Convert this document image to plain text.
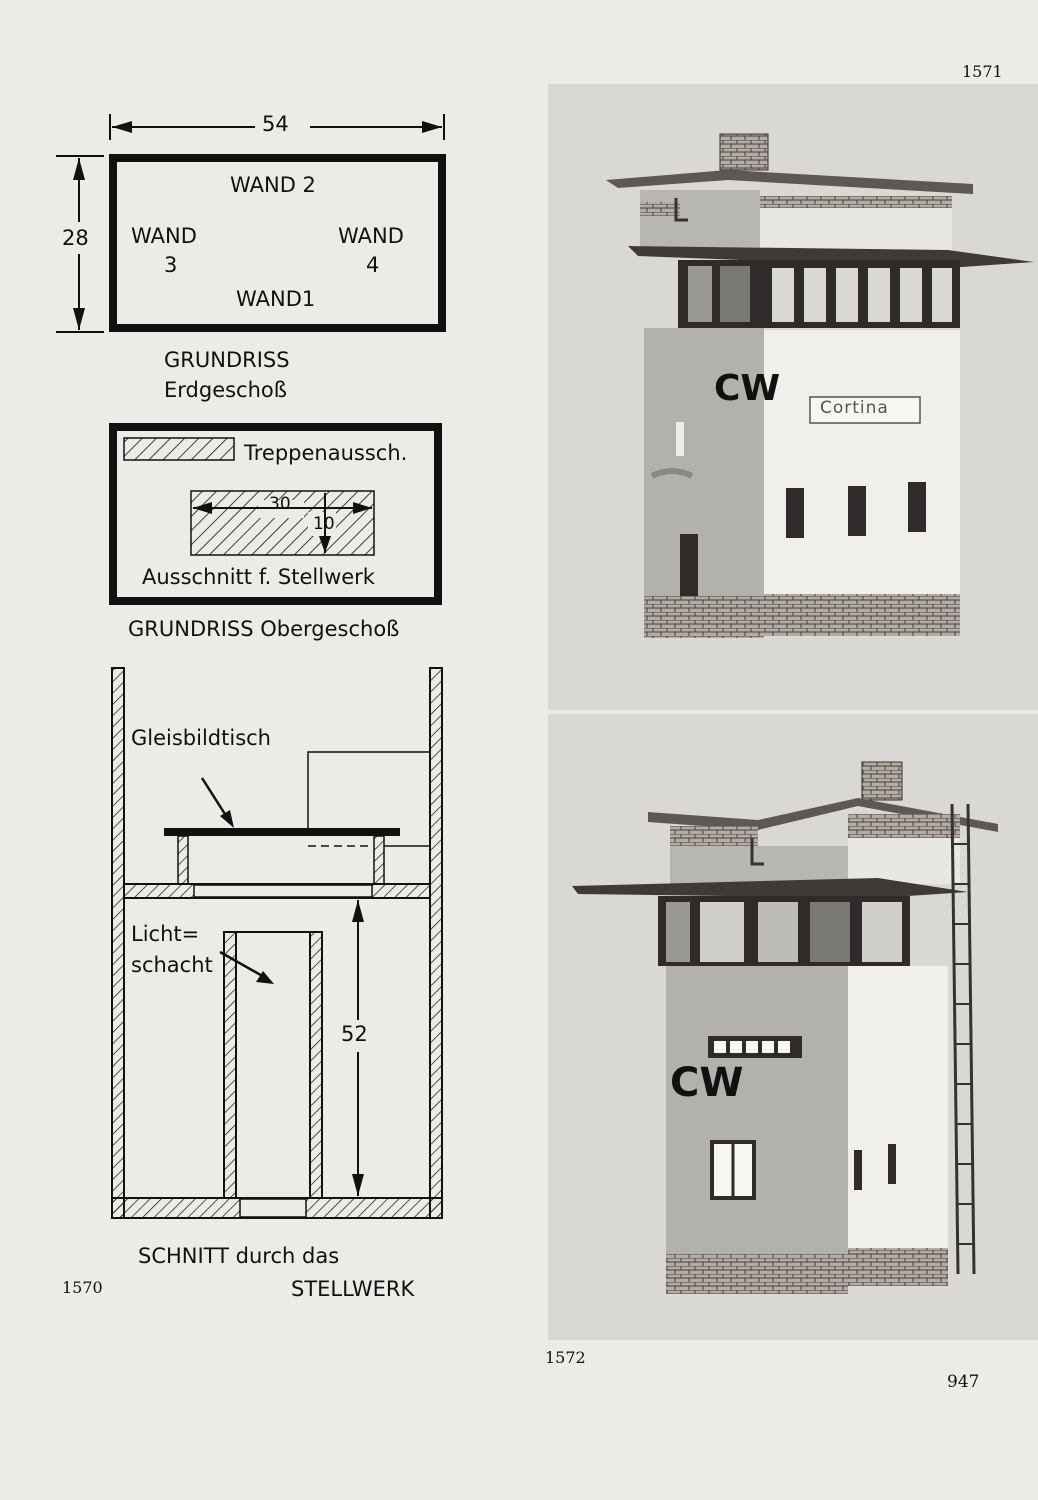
1571
1570
1572
947
54
28
WAND 2
WAND
3
WAND
4
WAND1
GRUNDRISS
Erdgeschoß
Treppenaussch.
30
10
Ausschnitt f. Stellwerk
GRUNDRISS Obergeschoß
Gleisbildtisch
Licht=
schacht
52
SCHNITT durch das
STELLWERK
Cortina
CW
CW
